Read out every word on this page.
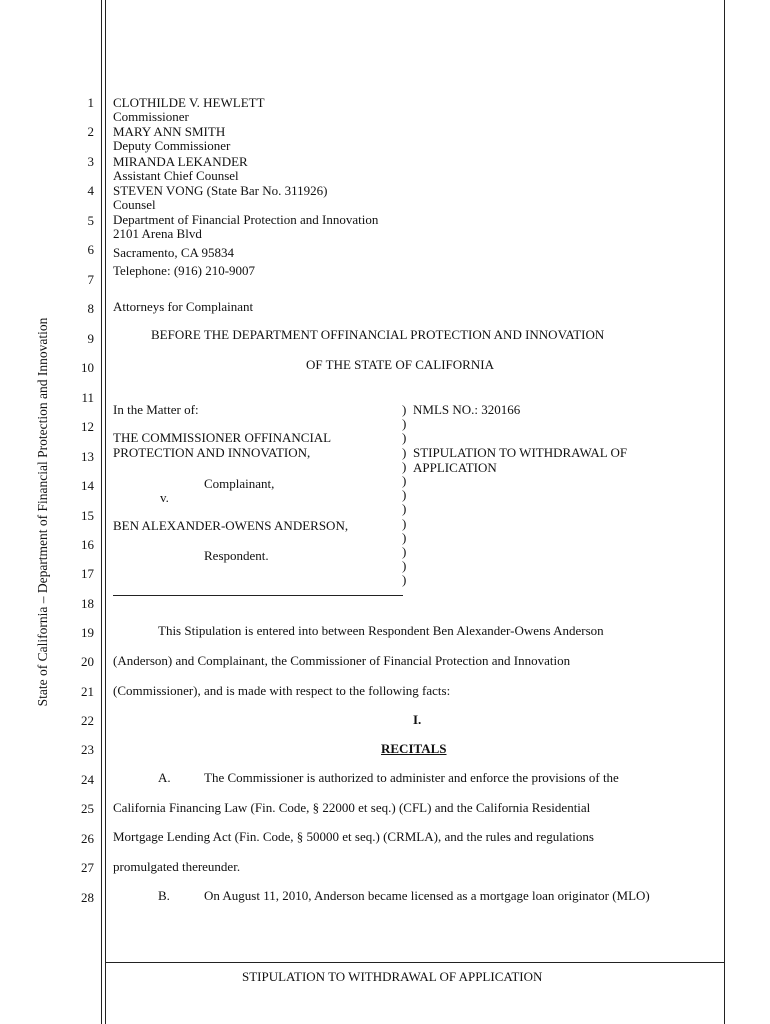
State of California – Department of Financial Protection and Innovation
1
2
3
4
5
6
7
8
9
10
11
12
13
14
15
16
17
18
19
20
21
22
23
24
25
26
27
28
CLOTHILDE V. HEWLETT
Commissioner
MARY ANN SMITH
Deputy Commissioner
MIRANDA LEKANDER
Assistant Chief Counsel
STEVEN VONG (State Bar No. 311926)
Counsel
Department of Financial Protection and Innovation
2101 Arena Blvd
Sacramento, CA 95834
Telephone: (916) 210-9007
Attorneys for Complainant
BEFORE THE DEPARTMENT OFFINANCIAL PROTECTION AND INNOVATION
OF THE STATE OF CALIFORNIA
In the Matter of:
THE COMMISSIONER OFFINANCIAL
PROTECTION AND INNOVATION,
Complainant,
v.
BEN ALEXANDER-OWENS ANDERSON,
Respondent.
)
)
)
)
)
)
)
)
)
)
)
)
)
NMLS NO.: 320166
STIPULATION TO WITHDRAWAL OF
APPLICATION
This Stipulation is entered into between Respondent Ben Alexander-Owens Anderson
(Anderson) and Complainant, the Commissioner of Financial Protection and Innovation
(Commissioner), and is made with respect to the following facts:
I.
RECITALS
A.	The Commissioner is authorized to administer and enforce the provisions of the
California Financing Law (Fin. Code, § 22000 et seq.) (CFL) and the California Residential
Mortgage Lending Act (Fin. Code, § 50000 et seq.) (CRMLA), and the rules and regulations
promulgated thereunder.
B.	On August 11, 2010, Anderson became licensed as a mortgage loan originator (MLO)
STIPULATION TO WITHDRAWAL OF APPLICATION
